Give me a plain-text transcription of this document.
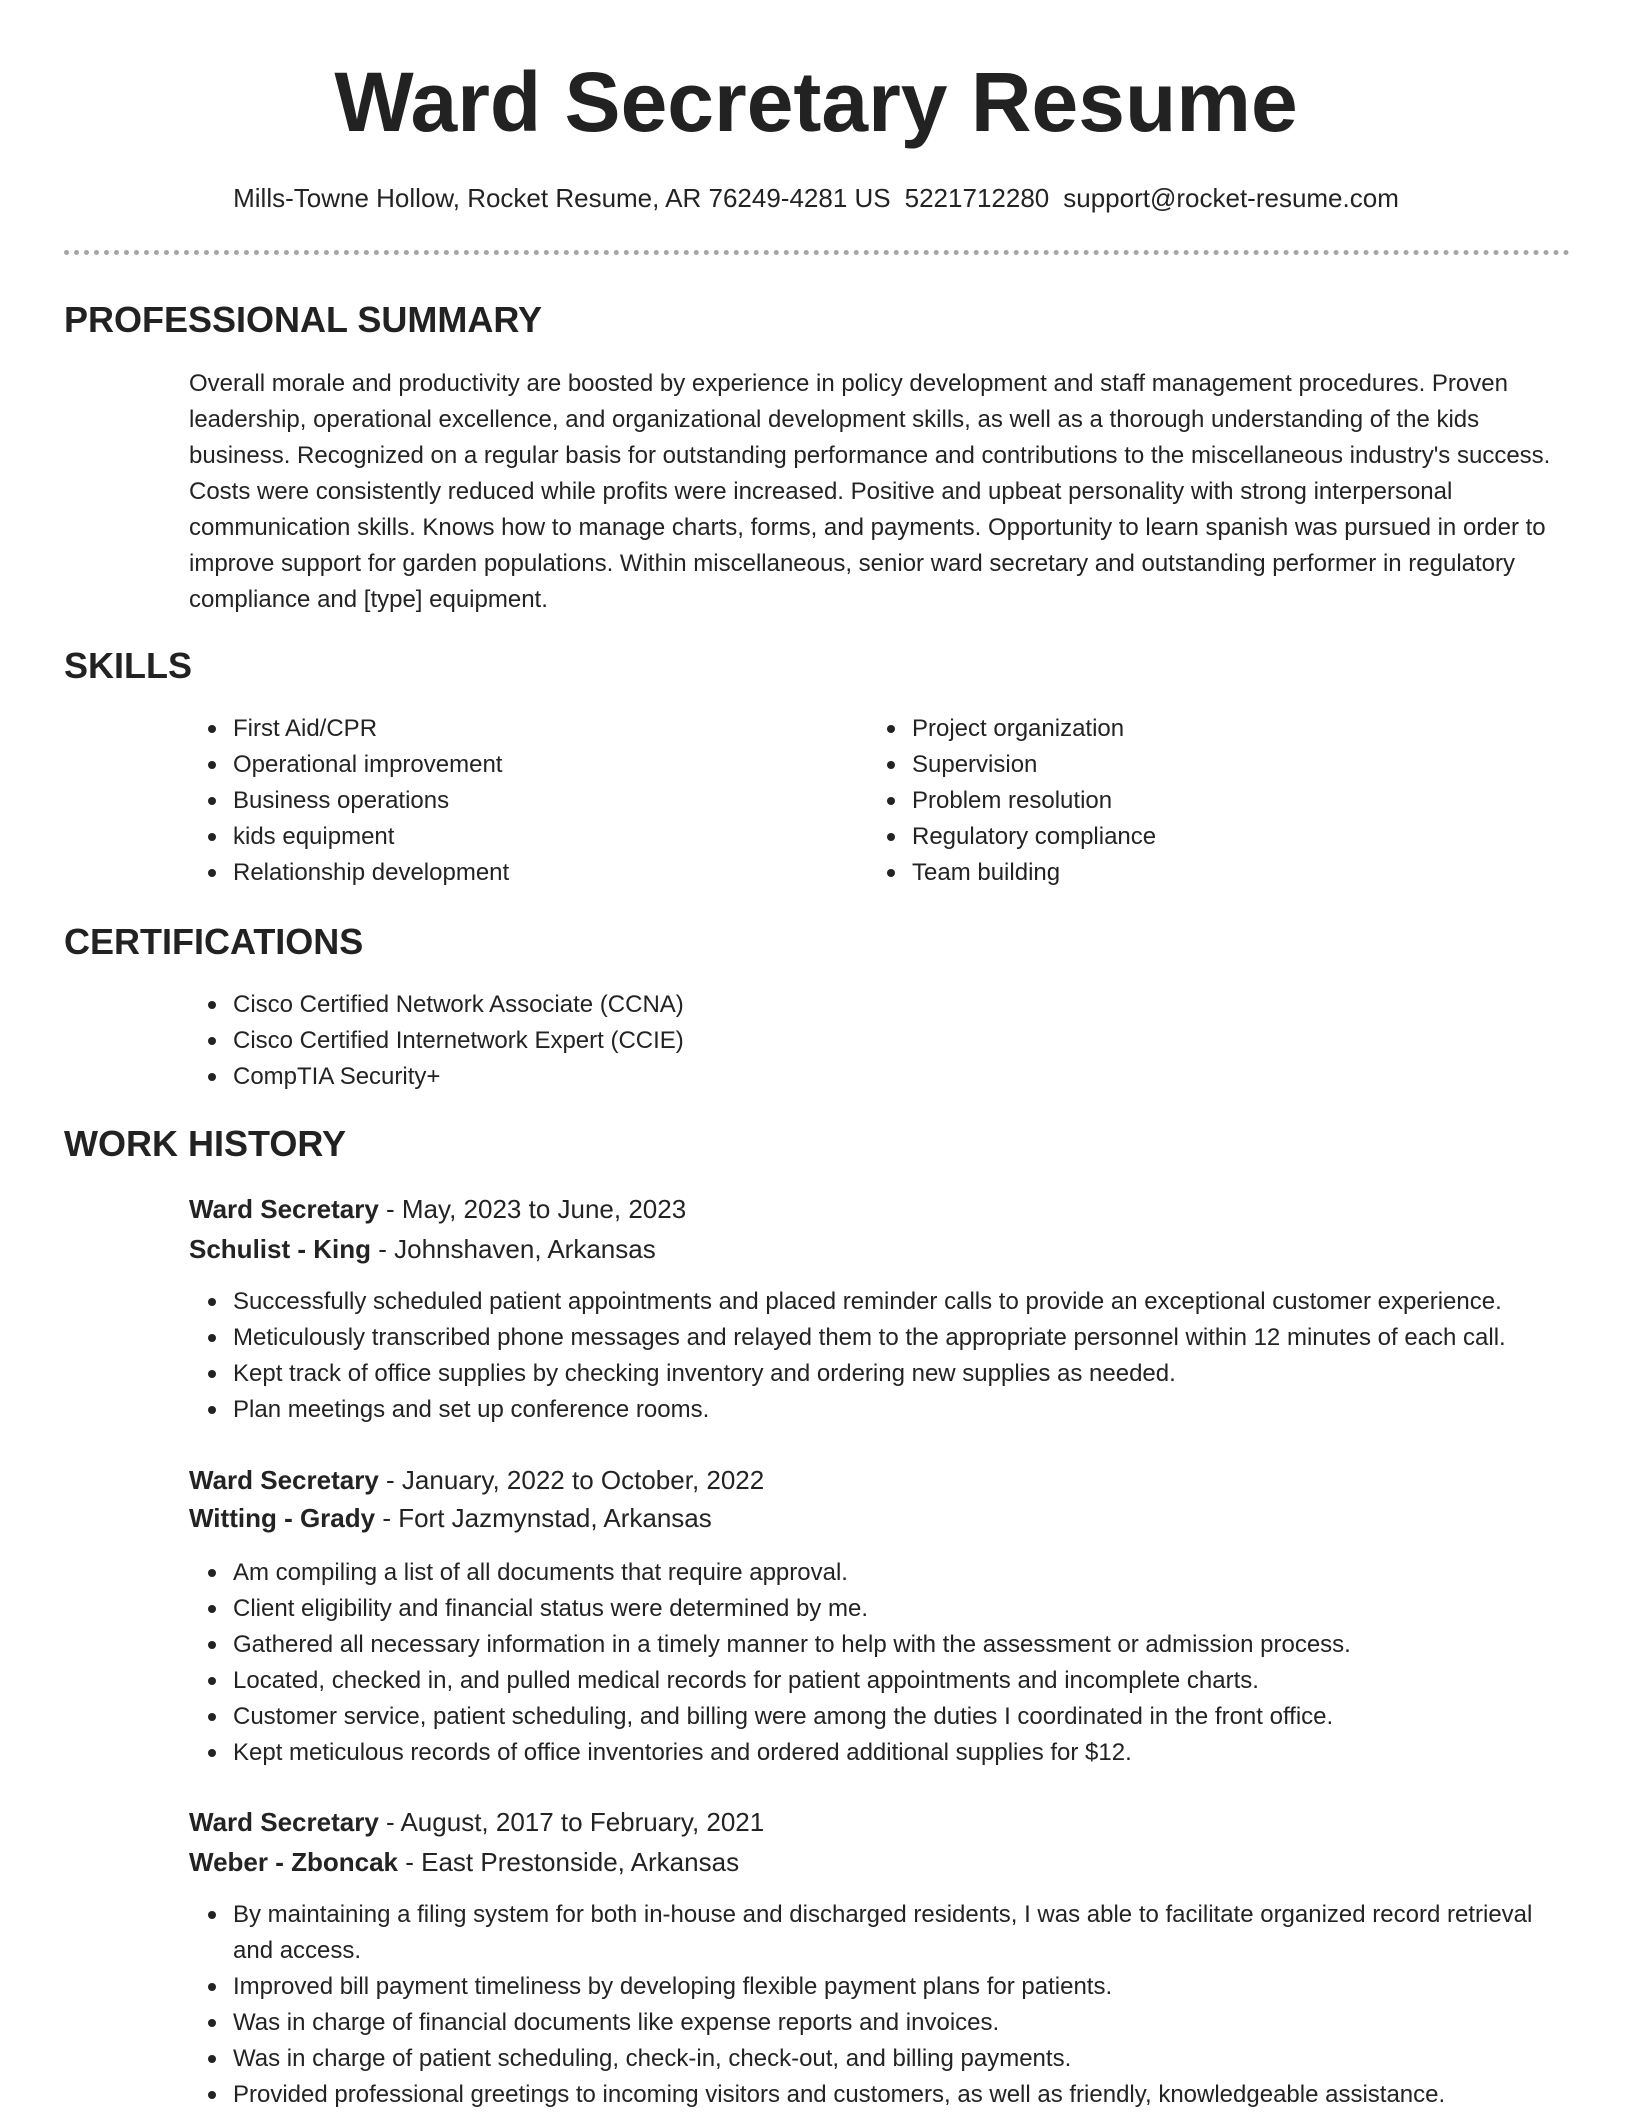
Ward Secretary Resume
Mills-Towne Hollow, Rocket Resume, AR 76249-4281 US 5221712280 support@rocket-resume.com
PROFESSIONAL SUMMARY

Overall morale and productivity are boosted by experience in policy development and staff management procedures. Proven leadership, operational excellence, and organizational development skills, as well as a thorough understanding of the kids business. Recognized on a regular basis for outstanding performance and contributions to the miscellaneous industry's success. Costs were consistently reduced while profits were increased. Positive and upbeat personality with strong interpersonal communication skills. Knows how to manage charts, forms, and payments. Opportunity to learn spanish was pursued in order to improve support for garden populations. Within miscellaneous, senior ward secretary and outstanding performer in regulatory compliance and [type] equipment.

SKILLS
First Aid/CPR
Operational improvement
Business operations
kids equipment
Relationship development
Project organization
Supervision
Problem resolution
Regulatory compliance
Team building
CERTIFICATIONS
Cisco Certified Network Associate (CCNA)
Cisco Certified Internetwork Expert (CCIE)
CompTIA Security+
WORK HISTORY
Ward Secretary - May, 2023 to June, 2023
Schulist - King - Johnshaven, Arkansas
Successfully scheduled patient appointments and placed reminder calls to provide an exceptional customer experience.
Meticulously transcribed phone messages and relayed them to the appropriate personnel within 12 minutes of each call.
Kept track of office supplies by checking inventory and ordering new supplies as needed.
Plan meetings and set up conference rooms.
Ward Secretary - January, 2022 to October, 2022
Witting - Grady - Fort Jazmynstad, Arkansas
Am compiling a list of all documents that require approval.
Client eligibility and financial status were determined by me.
Gathered all necessary information in a timely manner to help with the assessment or admission process.
Located, checked in, and pulled medical records for patient appointments and incomplete charts.
Customer service, patient scheduling, and billing were among the duties I coordinated in the front office.
Kept meticulous records of office inventories and ordered additional supplies for $12.
Ward Secretary - August, 2017 to February, 2021
Weber - Zboncak - East Prestonside, Arkansas
By maintaining a filing system for both in-house and discharged residents, I was able to facilitate organized record retrieval and access.
Improved bill payment timeliness by developing flexible payment plans for patients.
Was in charge of financial documents like expense reports and invoices.
Was in charge of patient scheduling, check-in, check-out, and billing payments.
Provided professional greetings to incoming visitors and customers, as well as friendly, knowledgeable assistance.
